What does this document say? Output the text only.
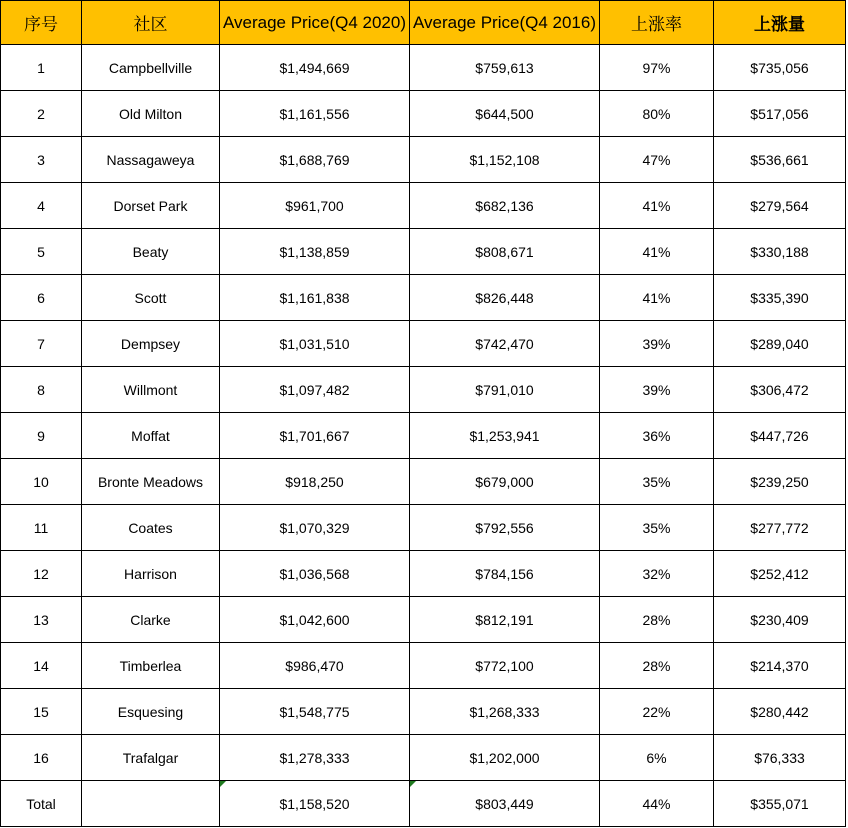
序号	社区	Average Price(Q4 2020)	Average Price(Q4 2016)	上涨率	上涨量
1	Campbellville	$1,494,669	$759,613	97%	$735,056
2	Old Milton	$1,161,556	$644,500	80%	$517,056
3	Nassagaweya	$1,688,769	$1,152,108	47%	$536,661
4	Dorset Park	$961,700	$682,136	41%	$279,564
5	Beaty	$1,138,859	$808,671	41%	$330,188
6	Scott	$1,161,838	$826,448	41%	$335,390
7	Dempsey	$1,031,510	$742,470	39%	$289,040
8	Willmont	$1,097,482	$791,010	39%	$306,472
9	Moffat	$1,701,667	$1,253,941	36%	$447,726
10	Bronte Meadows	$918,250	$679,000	35%	$239,250
11	Coates	$1,070,329	$792,556	35%	$277,772
12	Harrison	$1,036,568	$784,156	32%	$252,412
13	Clarke	$1,042,600	$812,191	28%	$230,409
14	Timberlea	$986,470	$772,100	28%	$214,370
15	Esquesing	$1,548,775	$1,268,333	22%	$280,442
16	Trafalgar	$1,278,333	$1,202,000	6%	$76,333
Total		$1,158,520	$803,449	44%	$355,071
